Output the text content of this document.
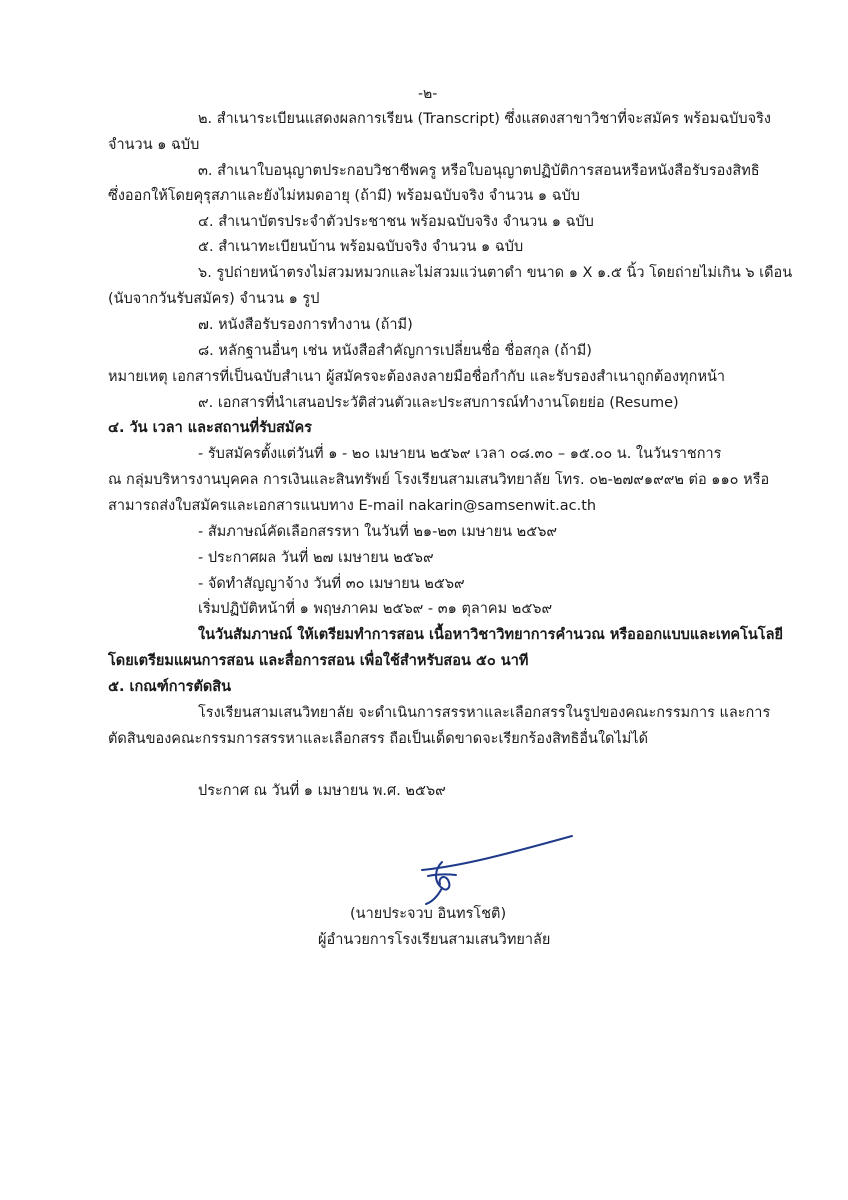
-๒-
๒. สำเนาระเบียนแสดงผลการเรียน (Transcript) ซึ่งแสดงสาขาวิชาที่จะสมัคร พร้อมฉบับจริง
จำนวน ๑ ฉบับ
๓. สำเนาใบอนุญาตประกอบวิชาชีพครู หรือใบอนุญาตปฏิบัติการสอนหรือหนังสือรับรองสิทธิ
ซึ่งออกให้โดยคุรุสภาและยังไม่หมดอายุ (ถ้ามี) พร้อมฉบับจริง จำนวน ๑ ฉบับ
๔. สำเนาบัตรประจำตัวประชาชน พร้อมฉบับจริง จำนวน ๑ ฉบับ
๕. สำเนาทะเบียนบ้าน พร้อมฉบับจริง จำนวน ๑ ฉบับ
๖. รูปถ่ายหน้าตรงไม่สวมหมวกและไม่สวมแว่นตาดำ ขนาด ๑ X ๑.๕ นิ้ว โดยถ่ายไม่เกิน ๖ เดือน
(นับจากวันรับสมัคร) จำนวน ๑ รูป
๗. หนังสือรับรองการทำงาน (ถ้ามี)
๘. หลักฐานอื่นๆ เช่น หนังสือสำคัญการเปลี่ยนชื่อ ชื่อสกุล (ถ้ามี)
หมายเหตุ เอกสารที่เป็นฉบับสำเนา ผู้สมัครจะต้องลงลายมือชื่อกำกับ และรับรองสำเนาถูกต้องทุกหน้า
๙. เอกสารที่นำเสนอประวัติส่วนตัวและประสบการณ์ทำงานโดยย่อ (Resume)
๔. วัน เวลา และสถานที่รับสมัคร
- รับสมัครตั้งแต่วันที่ ๑ - ๒๐ เมษายน ๒๕๖๙ เวลา ๐๘.๓๐ – ๑๕.๐๐ น. ในวันราชการ
ณ กลุ่มบริหารงานบุคคล การเงินและสินทรัพย์ โรงเรียนสามเสนวิทยาลัย โทร. ๐๒-๒๗๙๑๙๙๒ ต่อ ๑๑๐ หรือ
สามารถส่งใบสมัครและเอกสารแนบทาง E-mail nakarin@samsenwit.ac.th
- สัมภาษณ์คัดเลือกสรรหา ในวันที่ ๒๑-๒๓ เมษายน ๒๕๖๙
- ประกาศผล วันที่ ๒๗ เมษายน ๒๕๖๙
- จัดทำสัญญาจ้าง วันที่ ๓๐ เมษายน ๒๕๖๙
เริ่มปฏิบัติหน้าที่ ๑ พฤษภาคม ๒๕๖๙ - ๓๑ ตุลาคม ๒๕๖๙
ในวันสัมภาษณ์ ให้เตรียมทำการสอน เนื้อหาวิชาวิทยาการคำนวณ หรือออกแบบและเทคโนโลยี
โดยเตรียมแผนการสอน และสื่อการสอน เพื่อใช้สำหรับสอน ๕๐ นาที
๕. เกณฑ์การตัดสิน
โรงเรียนสามเสนวิทยาลัย จะดำเนินการสรรหาและเลือกสรรในรูปของคณะกรรมการ และการ
ตัดสินของคณะกรรมการสรรหาและเลือกสรร ถือเป็นเด็ดขาดจะเรียกร้องสิทธิอื่นใดไม่ได้
ประกาศ ณ วันที่ ๑ เมษายน พ.ศ. ๒๕๖๙
(นายประจวบ อินทรโชติ)
ผู้อำนวยการโรงเรียนสามเสนวิทยาลัย
